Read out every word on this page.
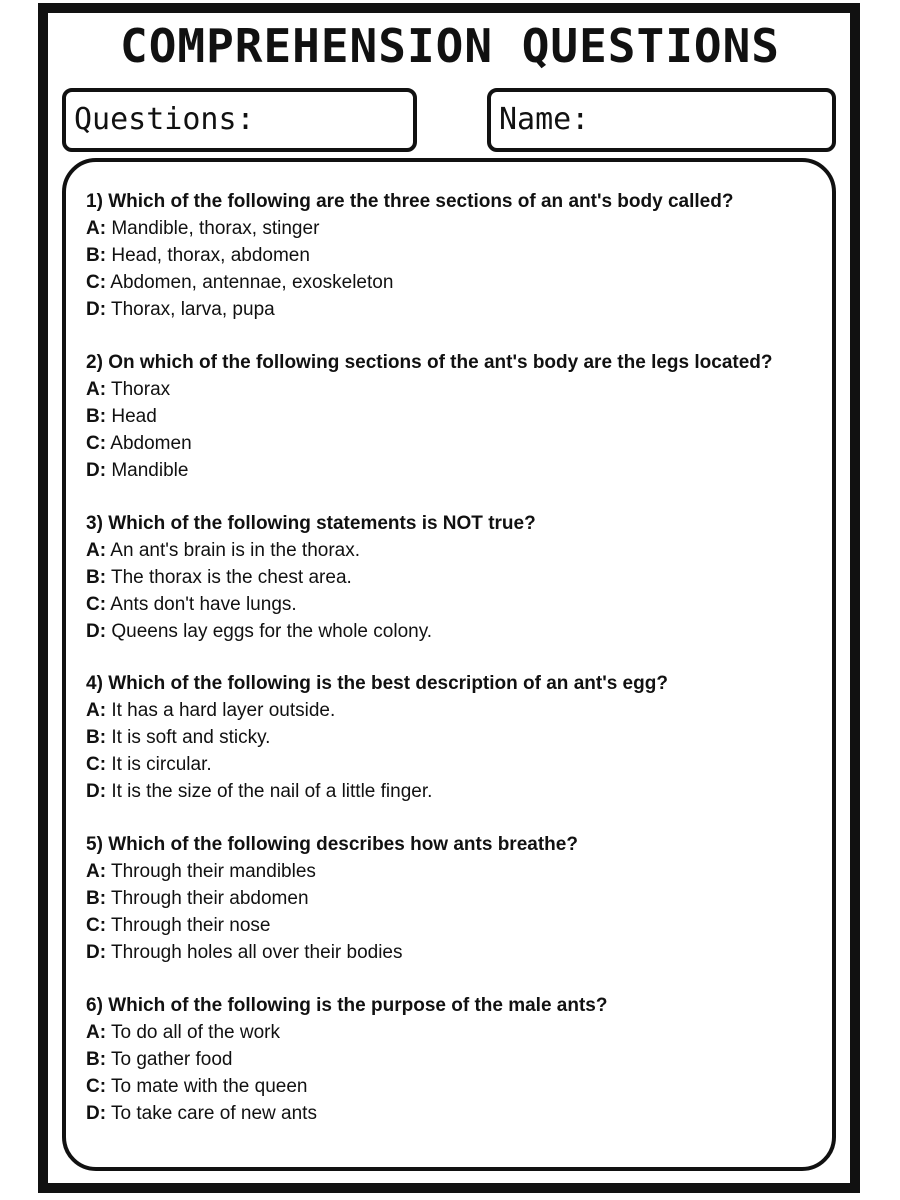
COMPREHENSION QUESTIONS
Questions:	Name:
1) Which of the following are the three sections of an ant's body called?
A: Mandible, thorax, stinger
B: Head, thorax, abdomen
C: Abdomen, antennae, exoskeleton
D: Thorax, larva, pupa
2) On which of the following sections of the ant's body are the legs located?
A: Thorax
B: Head
C: Abdomen
D: Mandible
3) Which of the following statements is NOT true?
A: An ant's brain is in the thorax.
B: The thorax is the chest area.
C: Ants don't have lungs.
D: Queens lay eggs for the whole colony.
4) Which of the following is the best description of an ant's egg?
A: It has a hard layer outside.
B: It is soft and sticky.
C: It is circular.
D: It is the size of the nail of a little finger.
5) Which of the following describes how ants breathe?
A: Through their mandibles
B: Through their abdomen
C: Through their nose
D: Through holes all over their bodies
6) Which of the following is the purpose of the male ants?
A: To do all of the work
B: To gather food
C: To mate with the queen
D: To take care of new ants
